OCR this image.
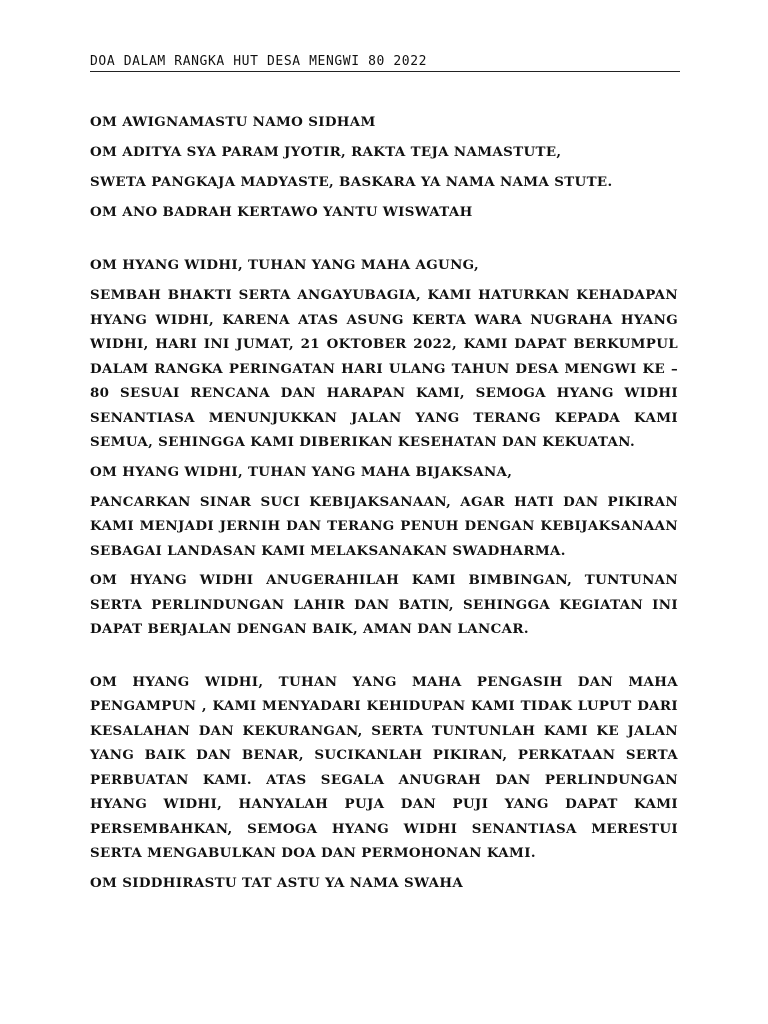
DOA DALAM RANGKA HUT DESA MENGWI 80 2022
OM AWIGNAMASTU NAMO SIDHAM
OM ADITYA SYA PARAM JYOTIR, RAKTA TEJA NAMASTUTE,
SWETA PANGKAJA MADYASTE, BASKARA YA NAMA NAMA STUTE.
OM ANO BADRAH KERTAWO YANTU WISWATAH
OM HYANG WIDHI, TUHAN YANG MAHA AGUNG,

SEMBAH BHAKTI SERTA ANGAYUBAGIA, KAMI HATURKAN KEHADAPAN HYANG WIDHI, KARENA ATAS ASUNG KERTA WARA NUGRAHA HYANG WIDHI, HARI INI JUMAT, 21 OKTOBER 2022, KAMI DAPAT BERKUMPUL DALAM RANGKA PERINGATAN HARI ULANG TAHUN DESA MENGWI KE – 80 SESUAI RENCANA DAN HARAPAN KAMI, SEMOGA HYANG WIDHI SENANTIASA MENUNJUKKAN JALAN YANG TERANG KEPADA KAMI SEMUA, SEHINGGA KAMI DIBERIKAN KESEHATAN DAN KEKUATAN.

OM HYANG WIDHI, TUHAN YANG MAHA BIJAKSANA,

PANCARKAN SINAR SUCI KEBIJAKSANAAN, AGAR HATI DAN PIKIRAN KAMI MENJADI JERNIH DAN TERANG PENUH DENGAN KEBIJAKSANAAN SEBAGAI LANDASAN KAMI MELAKSANAKAN SWADHARMA.

OM HYANG WIDHI ANUGERAHILAH KAMI BIMBINGAN, TUNTUNAN SERTA PERLINDUNGAN LAHIR DAN BATIN, SEHINGGA KEGIATAN INI DAPAT BERJALAN DENGAN BAIK, AMAN DAN LANCAR.

OM HYANG WIDHI, TUHAN YANG MAHA PENGASIH DAN MAHA PENGAMPUN , KAMI MENYADARI KEHIDUPAN KAMI TIDAK LUPUT DARI KESALAHAN DAN KEKURANGAN, SERTA TUNTUNLAH KAMI KE JALAN YANG BAIK DAN BENAR, SUCIKANLAH PIKIRAN, PERKATAAN SERTA PERBUATAN KAMI. ATAS SEGALA ANUGRAH DAN PERLINDUNGAN HYANG WIDHI, HANYALAH PUJA DAN PUJI YANG DAPAT KAMI PERSEMBAHKAN, SEMOGA HYANG WIDHI SENANTIASA MERESTUI SERTA MENGABULKAN DOA DAN PERMOHONAN KAMI.

OM SIDDHIRASTU TAT ASTU YA NAMA SWAHA
